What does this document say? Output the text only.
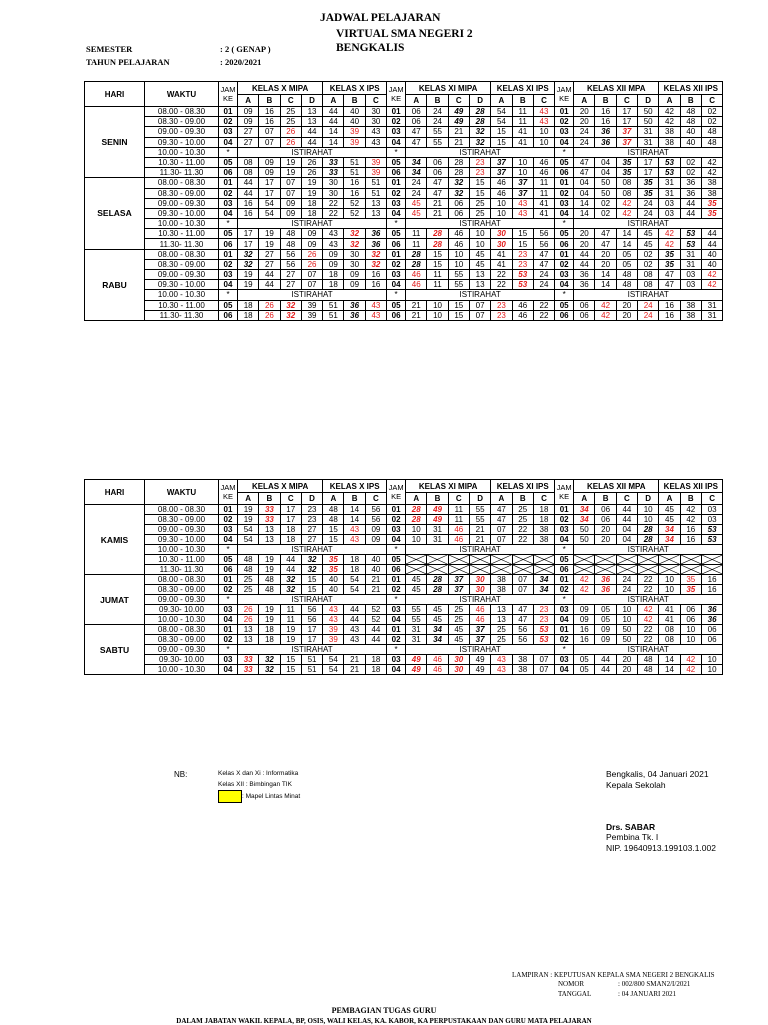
JADWAL PELAJARAN
VIRTUAL SMA NEGERI 2
BENGKALIS
SEMESTER	: 2 ( GENAP )
TAHUN PELAJARAN	: 2020/2021
HARI	WAKTU	JAM
KE	KELAS X MIPA				KELAS X IPS			JAM
KE	KELAS XI MIPA				KELAS XI IPS			JAM
KE	KELAS XII MPA				KELAS XII IPS		
			A	B	C	D	A	B	C		A	B	C	D	A	B	C		A	B	C	D	A	B	C
SENIN	08.00 - 08.30	01	09	16	25	13	44	40	30	01	06	24	49	28	54	11	43	01	20	16	17	50	42	48	02
	08.30 - 09.00	02	09	16	25	13	44	40	30	02	06	24	49	28	54	11	43	02	20	16	17	50	42	48	02
	09.00 - 09.30	03	27	07	26	44	14	39	43	03	47	55	21	32	15	41	10	03	24	36	37	31	38	40	48
	09.30 - 10.00	04	27	07	26	44	14	39	43	04	47	55	21	32	15	41	10	04	24	36	37	31	38	40	48
	10.00 - 10.30	*	ISTIRAHAT							*	ISTIRAHAT							*	ISTIRAHAT						
	10.30 - 11.00	05	08	09	19	26	33	51	39	05	34	06	28	23	37	10	46	05	47	04	35	17	53	02	42
	11.30- 11.30	06	08	09	19	26	33	51	39	06	34	06	28	23	37	10	46	06	47	04	35	17	53	02	42
SELASA	08.00 - 08.30	01	44	17	07	19	30	16	51	01	24	47	32	15	46	37	11	01	04	50	08	35	31	36	38
	08.30 - 09.00	02	44	17	07	19	30	16	51	02	24	47	32	15	46	37	11	02	04	50	08	35	31	36	38
	09.00 - 09.30	03	16	54	09	18	22	52	13	03	45	21	06	25	10	43	41	03	14	02	42	24	03	44	35
	09.30 - 10.00	04	16	54	09	18	22	52	13	04	45	21	06	25	10	43	41	04	14	02	42	24	03	44	35
	10.00 - 10.30	*	ISTIRAHAT							*	ISTIRAHAT							*	ISTIRAHAT						
	10.30 - 11.00	05	17	19	48	09	43	32	36	05	11	28	46	10	30	15	56	05	20	47	14	45	42	53	44
	11.30- 11.30	06	17	19	48	09	43	32	36	06	11	28	46	10	30	15	56	06	20	47	14	45	42	53	44
RABU	08.00 - 08.30	01	32	27	56	26	09	30	32	01	28	15	10	45	41	23	47	01	44	20	05	02	35	31	40
	08.30 - 09.00	02	32	27	56	26	09	30	32	02	28	15	10	45	41	23	47	02	44	20	05	02	35	31	40
	09.00 - 09.30	03	19	44	27	07	18	09	16	03	46	11	55	13	22	53	24	03	36	14	48	08	47	03	42
	09.30 - 10.00	04	19	44	27	07	18	09	16	04	46	11	55	13	22	53	24	04	36	14	48	08	47	03	42
	10.00 - 10.30	*	ISTIRAHAT							*	ISTIRAHAT							*	ISTIRAHAT						
	10.30 - 11.00	05	18	26	32	39	51	36	43	05	21	10	15	07	23	46	22	05	06	42	20	24	16	38	31
	11.30- 11.30	06	18	26	32	39	51	36	43	06	21	10	15	07	23	46	22	06	06	42	20	24	16	38	31
HARI	WAKTU	JAM
KE	KELAS X MIPA				KELAS X IPS			JAM
KE	KELAS XI MIPA				KELAS XI IPS			JAM
KE	KELAS XII MPA				KELAS XII IPS		
			A	B	C	D	A	B	C		A	B	C	D	A	B	C		A	B	C	D	A	B	C
KAMIS	08.00 - 08.30	01	19	33	17	23	48	14	56	01	28	49	11	55	47	25	18	01	34	06	44	10	45	42	03
	08.30 - 09.00	02	19	33	17	23	48	14	56	02	28	49	11	55	47	25	18	02	34	06	44	10	45	42	03
	09.00 - 09.30	03	54	13	18	27	15	43	09	03	10	31	46	21	07	22	38	03	50	20	04	28	34	16	53
	09.30 - 10.00	04	54	13	18	27	15	43	09	04	10	31	46	21	07	22	38	04	50	20	04	28	34	16	53
	10.00 - 10.30	*	ISTIRAHAT							*	ISTIRAHAT							*	ISTIRAHAT						
	10.30 - 11.00	05	48	19	44	32	35	18	40	05								05	

	11.30- 11.30	06	48	19	44	32	35	18	40	06								06	

JUMAT	08.00 - 08.30	01	25	48	32	15	40	54	21	01	45	28	37	30	38	07	34	01	42	36	24	22	10	35	16
	08.30 - 09.00	02	25	48	32	15	40	54	21	02	45	28	37	30	38	07	34	02	42	36	24	22	10	35	16
	09.00 - 09.30	*	ISTIRAHAT							*	ISTIRAHAT							*	ISTIRAHAT						
	09.30- 10.00	03	26	19	11	56	43	44	52	03	55	45	25	46	13	47	23	03	09	05	10	42	41	06	36
	10.00 - 10.30	04	26	19	11	56	43	44	52	04	55	45	25	46	13	47	23	04	09	05	10	42	41	06	36
SABTU	08.00 - 08.30	01	13	18	19	17	39	43	44	01	31	34	45	37	25	56	53	01	16	09	50	22	08	10	06
	08.30 - 09.00	02	13	18	19	17	39	43	44	02	31	34	45	37	25	56	53	02	16	09	50	22	08	10	06
	09.00 - 09.30	*	ISTIRAHAT							*	ISTIRAHAT							*	ISTIRAHAT						
	09.30- 10.00	03	33	32	15	51	54	21	18	03	49	46	30	49	43	38	07	03	05	44	20	48	14	42	10
	10.00 - 10.30	04	33	32	15	51	54	21	18	04	49	46	30	49	43	38	07	04	05	44	20	48	14	42	10
NB:	Kelas X dan Xi : Informatika
Kelas XII : Bimbingan TIK
: Mapel Lintas Minat
Bengkalis, 04 Januari 2021
Kepala Sekolah
Drs. SABAR
Pembina Tk. I
NIP. 19640913.199103.1.002
LAMPIRAN : KEPUTUSAN KEPALA SMA NEGERI 2 BENGKALIS
NOMOR	: 002/800 SMAN2/I/2021
TANGGAL	: 04 JANUARI 2021
PEMBAGIAN TUGAS GURU
DALAM JABATAN WAKIL KEPALA, BP, OSIS, WALI KELAS, KA. KABOR, KA PERPUSTAKAAN DAN GURU MATA PELAJARAN
